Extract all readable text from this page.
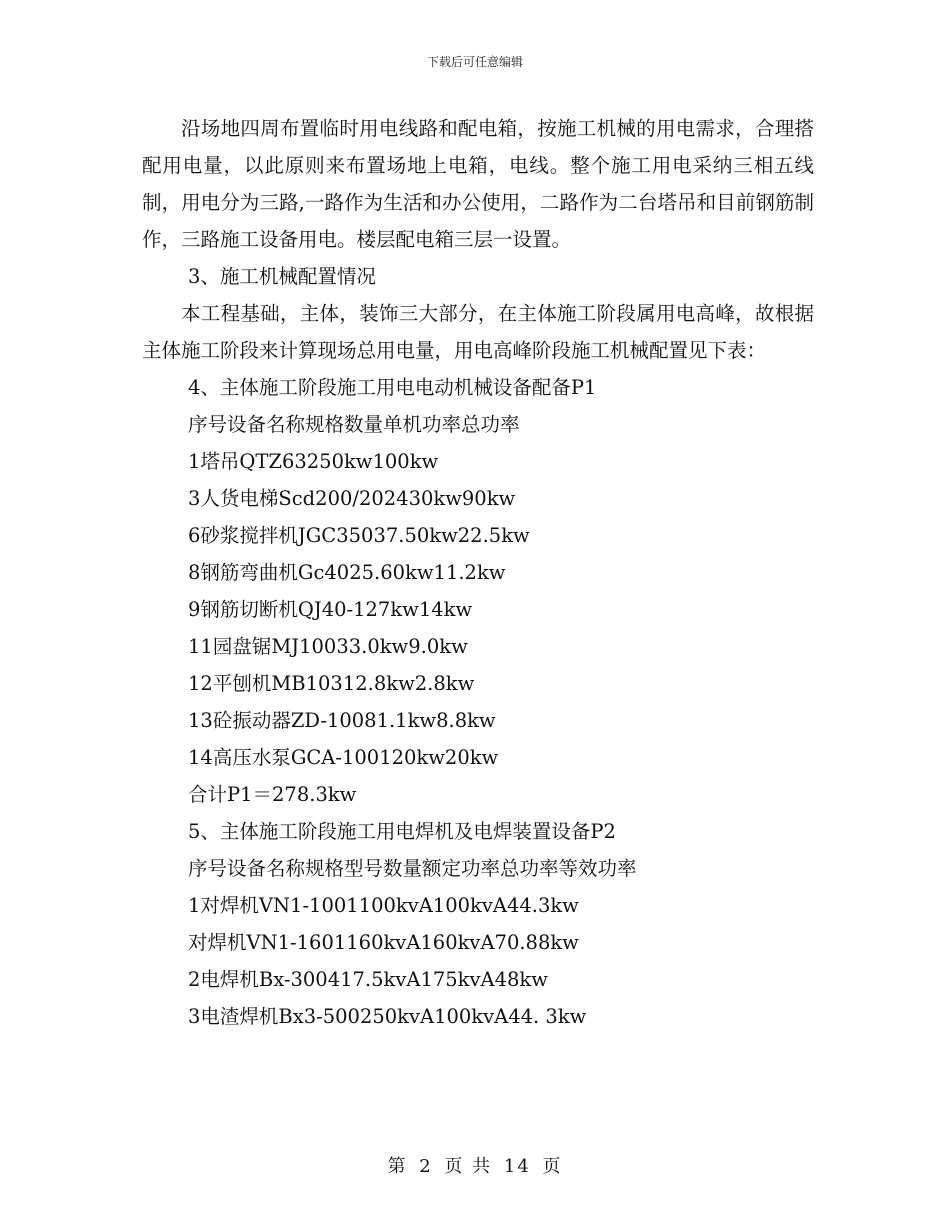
下载后可任意编辑

沿场地四周布置临时用电线路和配电箱，按施工机械的用电需求，合理搭配用电量，以此原则来布置场地上电箱，电线。整个施工用电采纳三相五线制，用电分为三路,一路作为生活和办公使用，二路作为二台塔吊和目前钢筋制作，三路施工设备用电。楼层配电箱三层一设置。

3、施工机械配置情况

本工程基础，主体，装饰三大部分，在主体施工阶段属用电高峰，故根据主体施工阶段来计算现场总用电量，用电高峰阶段施工机械配置见下表：

4、主体施工阶段施工用电电动机械设备配备P1

序号设备名称规格数量单机功率总功率

1塔吊QTZ63250kw100kw

3人货电梯Scd200/202430kw90kw

6砂浆搅拌机JGC35037.50kw22.5kw

8钢筋弯曲机Gc4025.60kw11.2kw

9钢筋切断机QJ40-127kw14kw

11园盘锯MJ10033.0kw9.0kw

12平刨机MB10312.8kw2.8kw

13砼振动器ZD-10081.1kw8.8kw

14高压水泵GCA-100120kw20kw

合计P1＝278.3kw

5、主体施工阶段施工用电焊机及电焊装置设备P2

序号设备名称规格型号数量额定功率总功率等效功率

1对焊机VN1-1001100kvA100kvA44.3kw

对焊机VN1-1601160kvA160kvA70.88kw

2电焊机Bx-300417.5kvA175kvA48kw

3电渣焊机Bx3-500250kvA100kvA44. 3kw

第 2 页 共 14 页
